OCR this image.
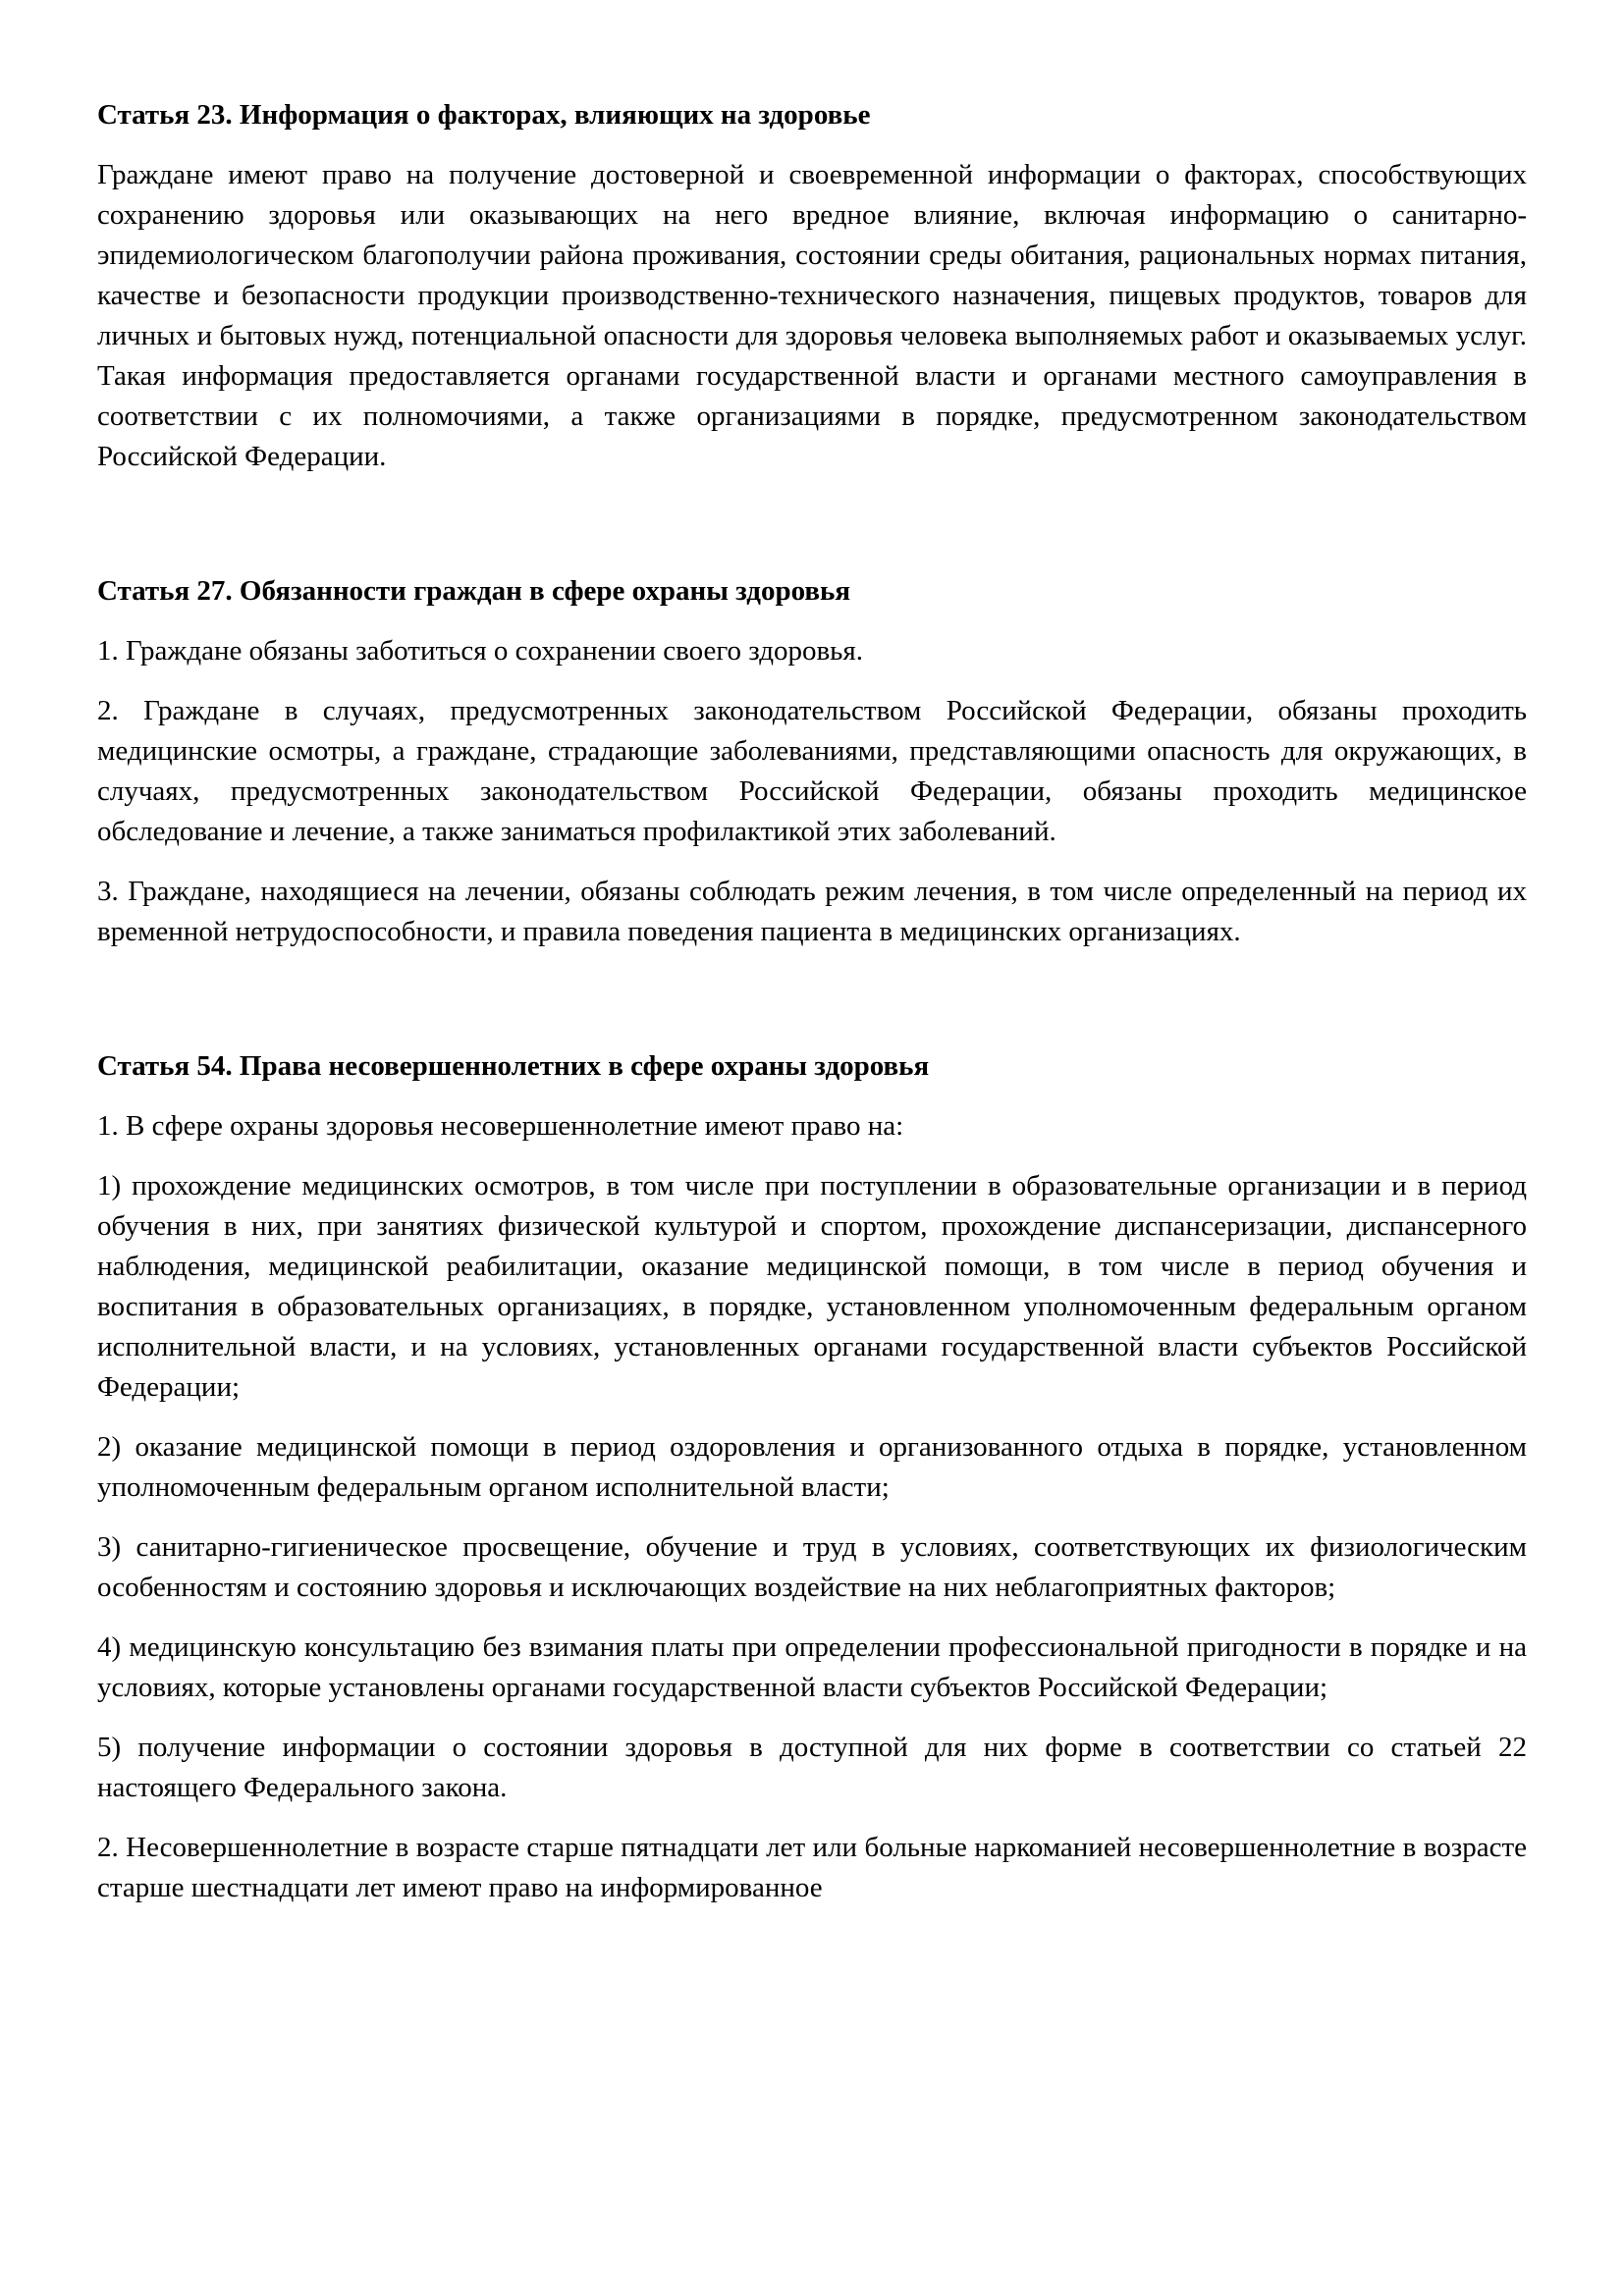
Статья 23. Информация о факторах, влияющих на здоровье

Граждане имеют право на получение достоверной и своевременной информации о факторах, способствующих сохранению здоровья или оказывающих на него вредное влияние, включая информацию о санитарно-эпидемиологическом благополучии района проживания, состоянии среды обитания, рациональных нормах питания, качестве и безопасности продукции производственно-технического назначения, пищевых продуктов, товаров для личных и бытовых нужд, потенциальной опасности для здоровья человека выполняемых работ и оказываемых услуг. Такая информация предоставляется органами государственной власти и органами местного самоуправления в соответствии с их полномочиями, а также организациями в порядке, предусмотренном законодательством Российской Федерации.

Статья 27. Обязанности граждан в сфере охраны здоровья

1. Граждане обязаны заботиться о сохранении своего здоровья.

2. Граждане в случаях, предусмотренных законодательством Российской Федерации, обязаны проходить медицинские осмотры, а граждане, страдающие заболеваниями, представляющими опасность для окружающих, в случаях, предусмотренных законодательством Российской Федерации, обязаны проходить медицинское обследование и лечение, а также заниматься профилактикой этих заболеваний.

3. Граждане, находящиеся на лечении, обязаны соблюдать режим лечения, в том числе определенный на период их временной нетрудоспособности, и правила поведения пациента в медицинских организациях.

Статья 54. Права несовершеннолетних в сфере охраны здоровья

1. В сфере охраны здоровья несовершеннолетние имеют право на:

1) прохождение медицинских осмотров, в том числе при поступлении в образовательные организации и в период обучения в них, при занятиях физической культурой и спортом, прохождение диспансеризации, диспансерного наблюдения, медицинской реабилитации, оказание медицинской помощи, в том числе в период обучения и воспитания в образовательных организациях, в порядке, установленном уполномоченным федеральным органом исполнительной власти, и на условиях, установленных органами государственной власти субъектов Российской Федерации;

2) оказание медицинской помощи в период оздоровления и организованного отдыха в порядке, установленном уполномоченным федеральным органом исполнительной власти;

3) санитарно-гигиеническое просвещение, обучение и труд в условиях, соответствующих их физиологическим особенностям и состоянию здоровья и исключающих воздействие на них неблагоприятных факторов;

4) медицинскую консультацию без взимания платы при определении профессиональной пригодности в порядке и на условиях, которые установлены органами государственной власти субъектов Российской Федерации;

5) получение информации о состоянии здоровья в доступной для них форме в соответствии со статьей 22 настоящего Федерального закона.

2. Несовершеннолетние в возрасте старше пятнадцати лет или больные наркоманией несовершеннолетние в возрасте старше шестнадцати лет имеют право на информированное
